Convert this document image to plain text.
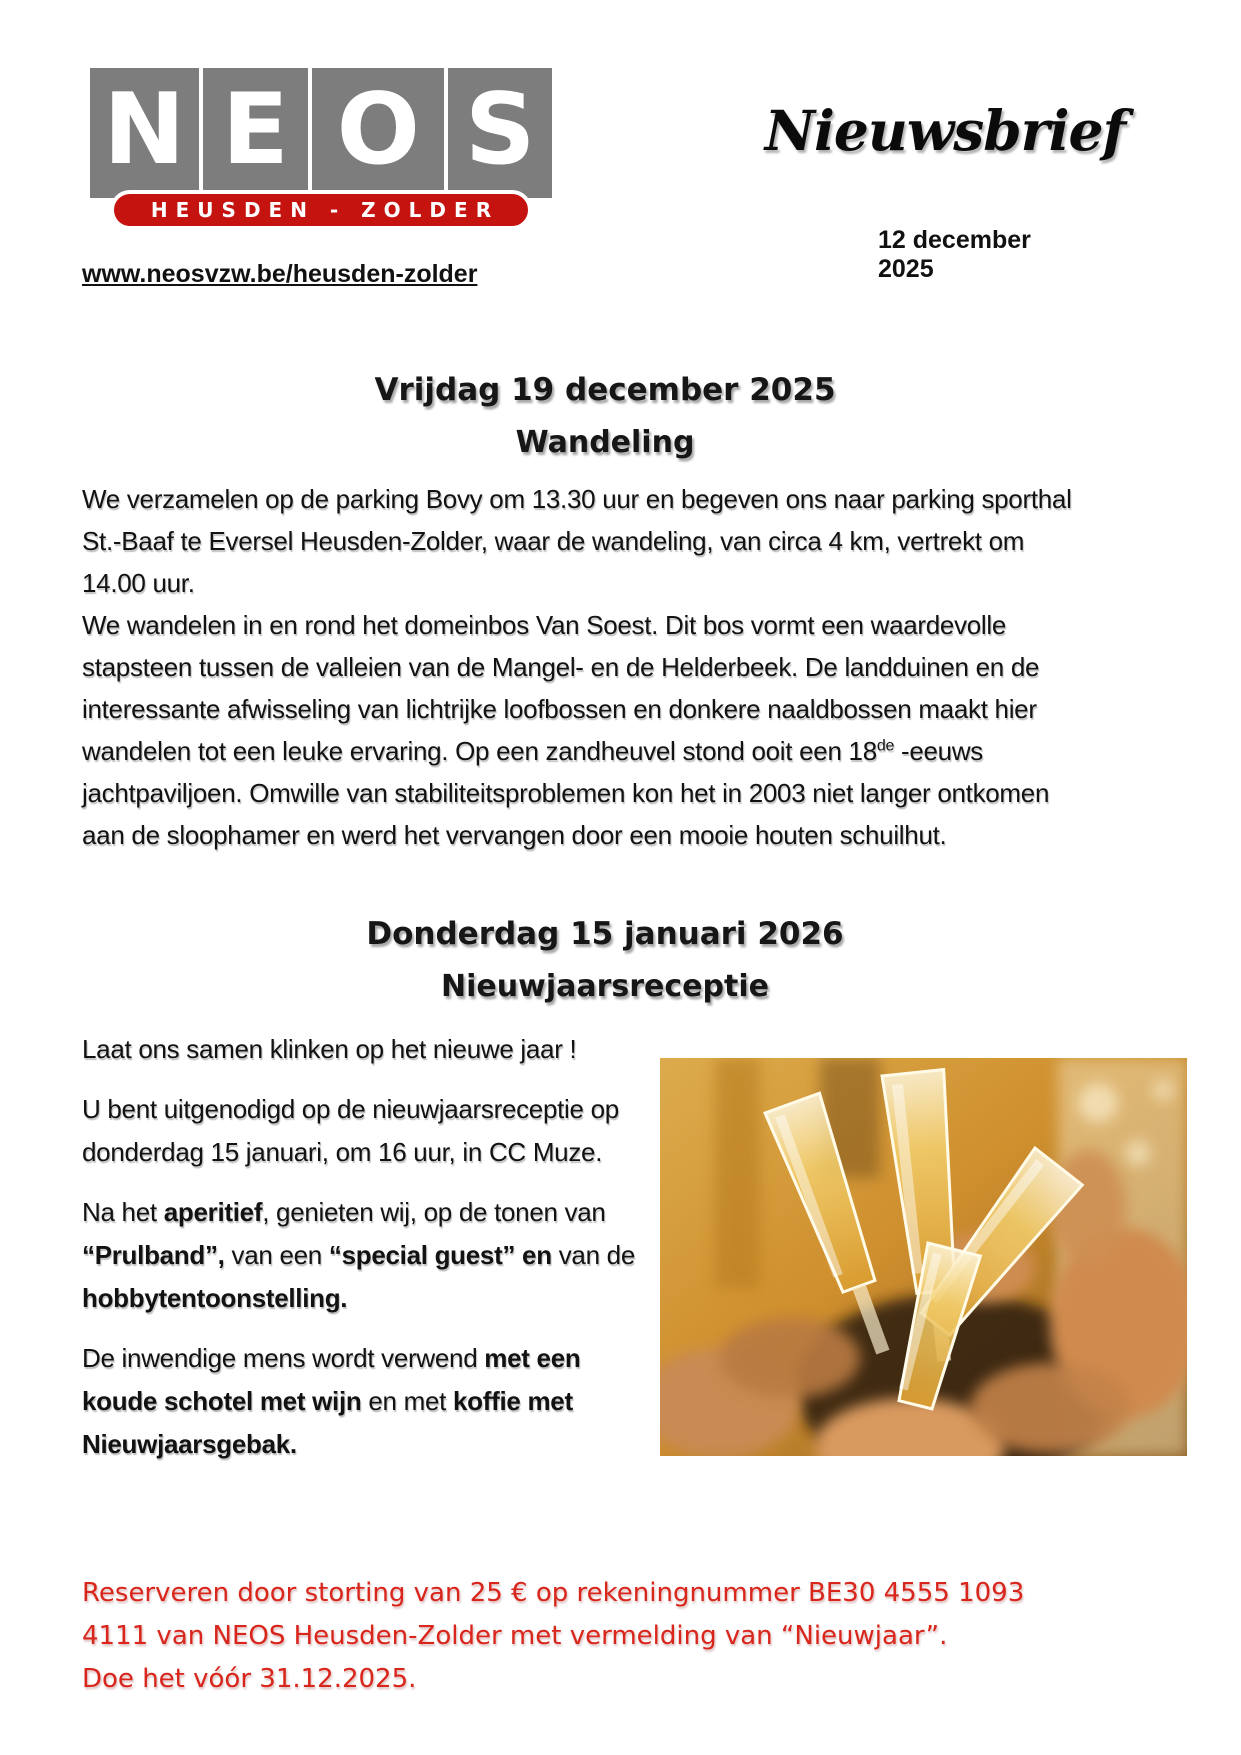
N E O S
HEUSDEN - ZOLDER
Nieuwsbrief
12 december 2025
www.neosvzw.be/heusden-zolder
Vrijdag 19 december 2025
Wandeling

We verzamelen op de parking Bovy om 13.30 uur en begeven ons naar parking sporthal St.-Baaf te Eversel Heusden-Zolder, waar de wandeling, van circa 4 km, vertrekt om 14.00 uur.

We wandelen in en rond het domeinbos Van Soest. Dit bos vormt een waardevolle stapsteen tussen de valleien van de Mangel- en de Helderbeek. De landduinen en de interessante afwisseling van lichtrijke loofbossen en donkere naaldbossen maakt hier wandelen tot een leuke ervaring. Op een zandheuvel stond ooit een 18de -eeuws jachtpaviljoen. Omwille van stabiliteitsproblemen kon het in 2003 niet langer ontkomen aan de sloophamer en werd het vervangen door een mooie houten schuilhut.

Donderdag 15 januari 2026
Nieuwjaarsreceptie
Laat ons samen klinken op het nieuwe jaar !
U bent uitgenodigd op de nieuwjaarsreceptie op donderdag 15 januari, om 16 uur, in CC Muze.
Na het aperitief, genieten wij, op de tonen van “Prulband”, van een “special guest” en van de hobbytentoonstelling.
De inwendige mens wordt verwend met een koude schotel met wijn en met koffie met Nieuwjaarsgebak.

Reserveren door storting van 25 € op rekeningnummer BE30 4555 1093 4111 van NEOS Heusden-Zolder met vermelding van “Nieuwjaar”.

Doe het vóór 31.12.2025.
